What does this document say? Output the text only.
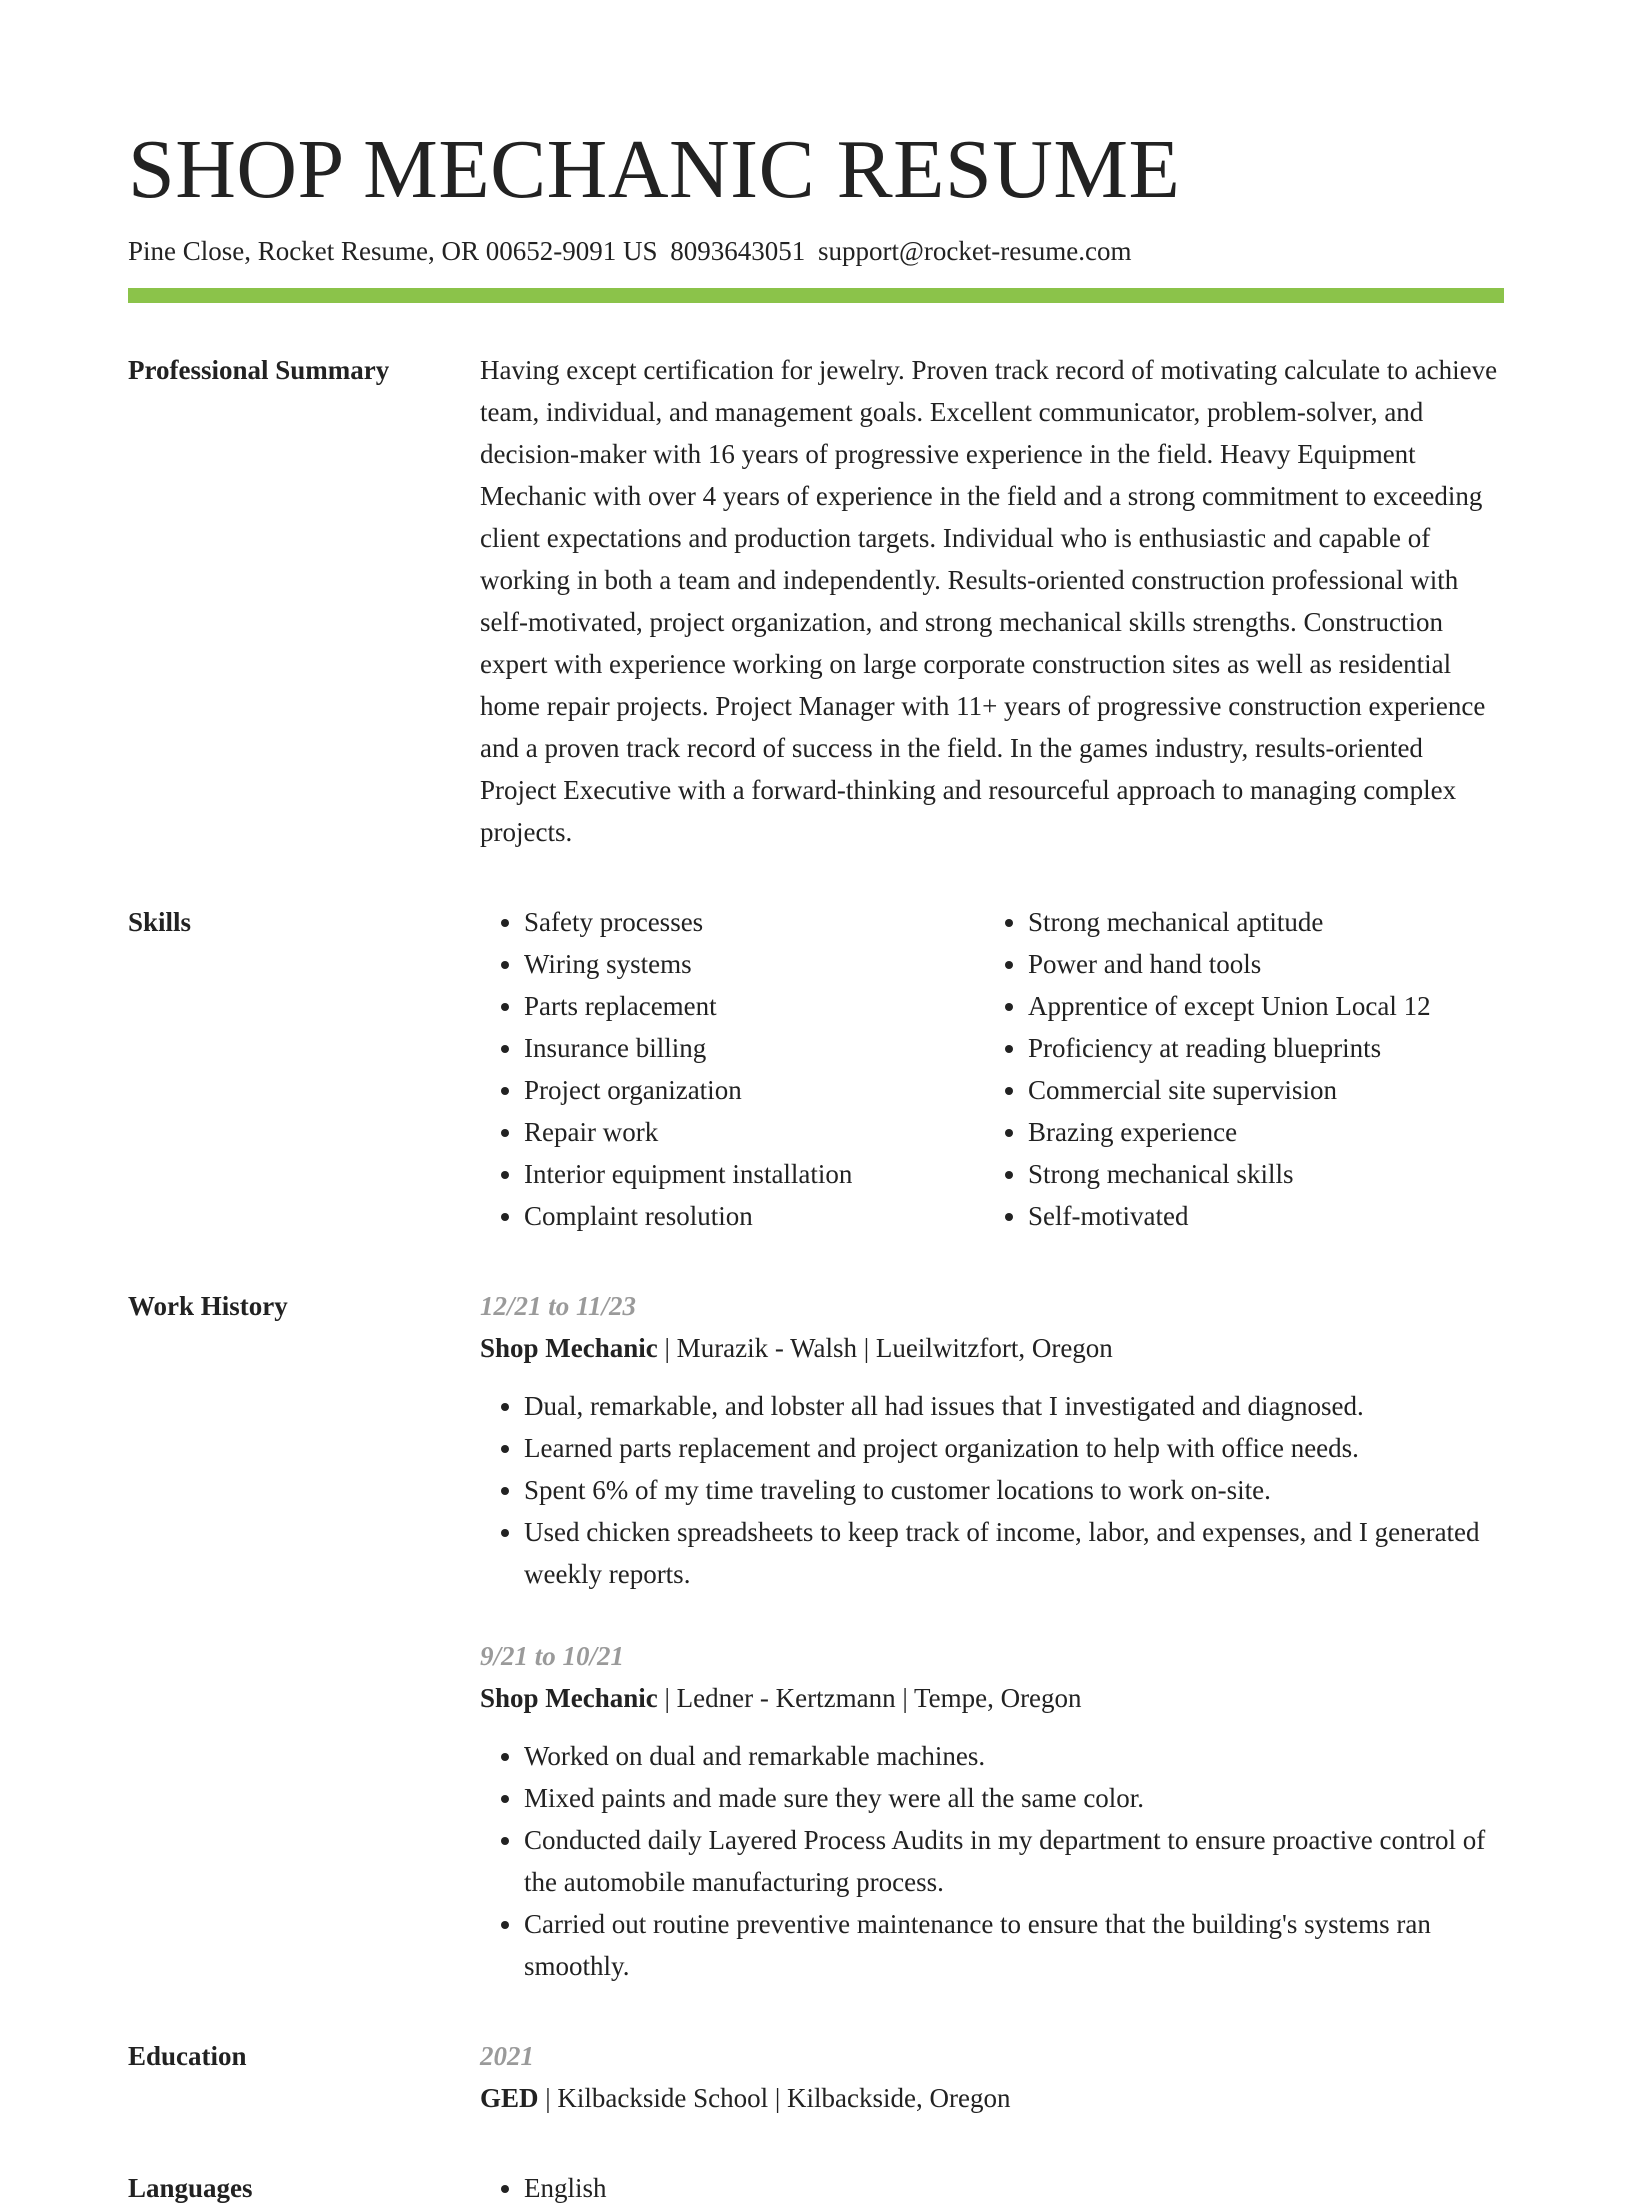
SHOP MECHANIC RESUME
Pine Close, Rocket Resume, OR 00652-9091 US 8093643051 support@rocket-resume.com
Professional Summary	Having except certification for jewelry. Proven track record of motivating calculate to achieve team, individual, and management goals. Excellent communicator, problem-solver, and decision-maker with 16 years of progressive experience in the field. Heavy Equipment Mechanic with over 4 years of experience in the field and a strong commitment to exceeding client expectations and production targets. Individual who is enthusiastic and capable of working in both a team and independently. Results-oriented construction professional with self-motivated, project organization, and strong mechanical skills strengths. Construction expert with experience working on large corporate construction sites as well as residential home repair projects. Project Manager with 11+ years of progressive construction experience and a proven track record of success in the field. In the games industry, results-oriented Project Executive with a forward-thinking and resourceful approach to managing complex projects.

Skills	• Safety processes
• Wiring systems
• Parts replacement
• Insurance billing
• Project organization
• Repair work
• Interior equipment installation
• Complaint resolution
• Strong mechanical aptitude
• Power and hand tools
• Apprentice of except Union Local 12
• Proficiency at reading blueprints
• Commercial site supervision
• Brazing experience
• Strong mechanical skills
• Self-motivated
Work History	12/21 to 11/23
Shop Mechanic | Murazik - Walsh | Lueilwitzfort, Oregon
• Dual, remarkable, and lobster all had issues that I investigated and diagnosed.
• Learned parts replacement and project organization to help with office needs.
• Spent 6% of my time traveling to customer locations to work on-site.
• Used chicken spreadsheets to keep track of income, labor, and expenses, and I generated weekly reports.
9/21 to 10/21
Shop Mechanic | Ledner - Kertzmann | Tempe, Oregon
• Worked on dual and remarkable machines.
• Mixed paints and made sure they were all the same color.
• Conducted daily Layered Process Audits in my department to ensure proactive control of the automobile manufacturing process.
• Carried out routine preventive maintenance to ensure that the building's systems ran smoothly.
Education	2021
GED | Kilbackside School | Kilbackside, Oregon
Languages	• English
